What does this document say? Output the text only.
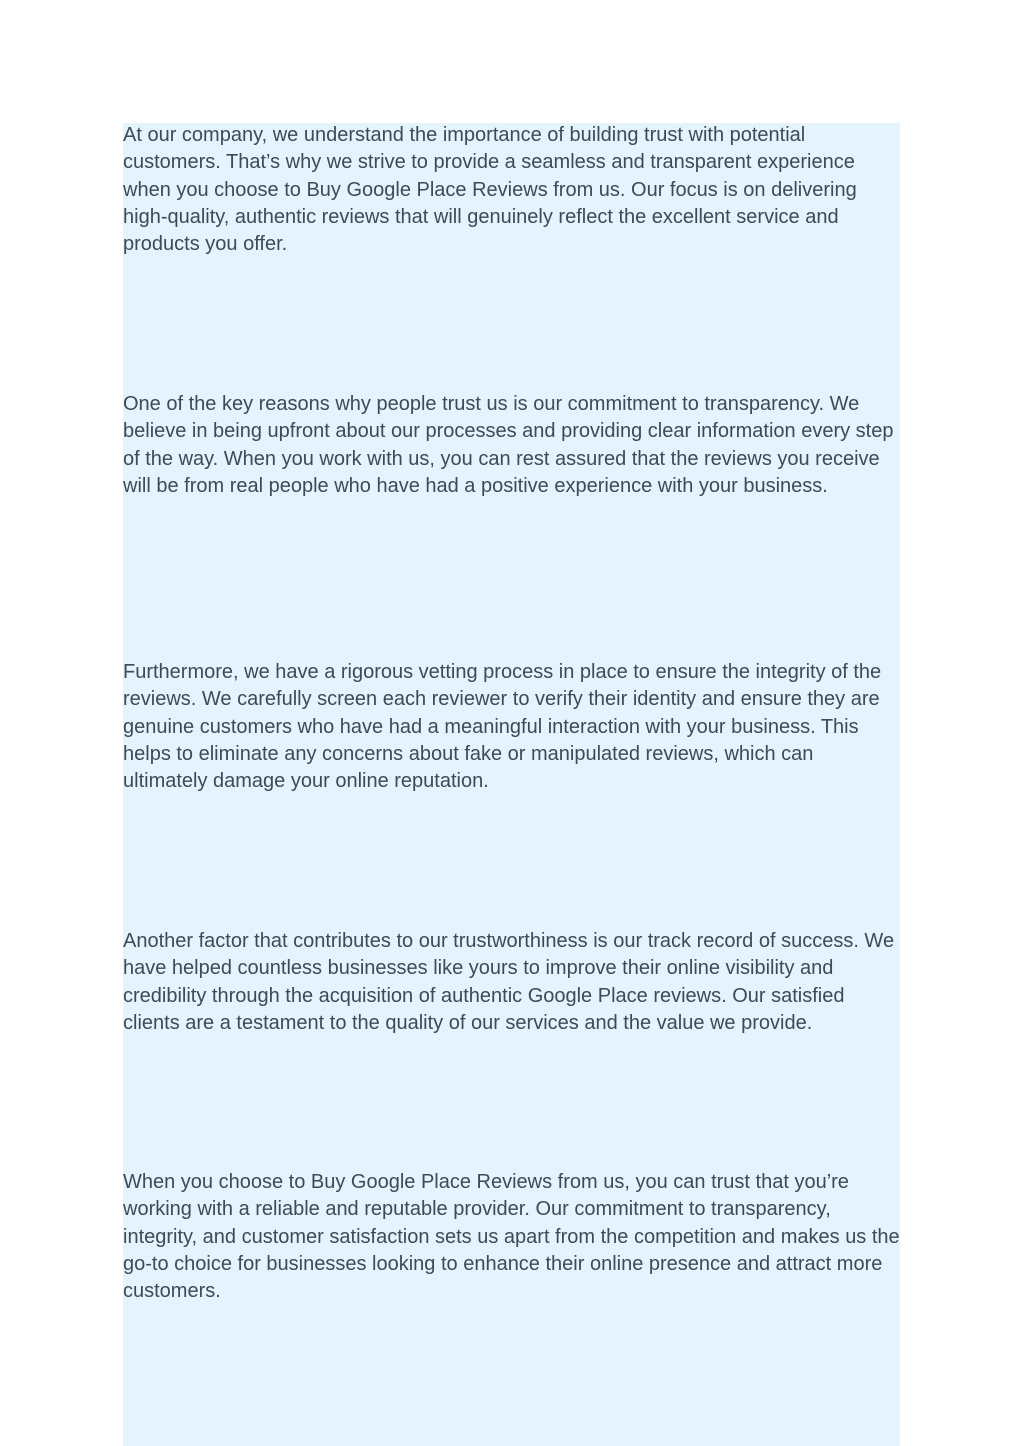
At our company, we understand the importance of building trust with potential customers. That’s why we strive to provide a seamless and transparent experience when you choose to Buy Google Place Reviews from us. Our focus is on delivering high-quality, authentic reviews that will genuinely reflect the excellent service and products you offer.

One of the key reasons why people trust us is our commitment to transparency. We believe in being upfront about our processes and providing clear information every step of the way. When you work with us, you can rest assured that the reviews you receive will be from real people who have had a positive experience with your business.

Furthermore, we have a rigorous vetting process in place to ensure the integrity of the reviews. We carefully screen each reviewer to verify their identity and ensure they are genuine customers who have had a meaningful interaction with your business. This helps to eliminate any concerns about fake or manipulated reviews, which can ultimately damage your online reputation.

Another factor that contributes to our trustworthiness is our track record of success. We have helped countless businesses like yours to improve their online visibility and credibility through the acquisition of authentic Google Place reviews. Our satisfied clients are a testament to the quality of our services and the value we provide.

When you choose to Buy Google Place Reviews from us, you can trust that you’re working with a reliable and reputable provider. Our commitment to transparency, integrity, and customer satisfaction sets us apart from the competition and makes us the go-to choice for businesses looking to enhance their online presence and attract more customers.
